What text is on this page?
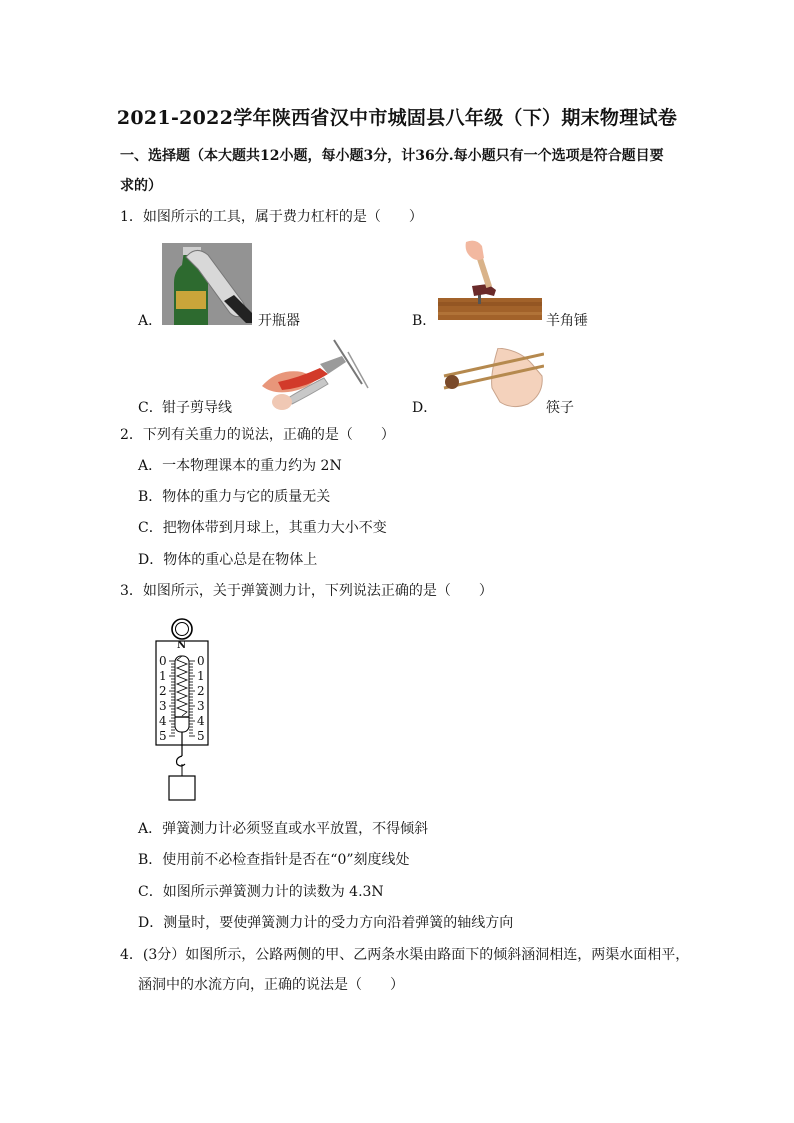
2021-2022学年陕西省汉中市城固县八年级（下）期末物理试卷
一、选择题（本大题共12小题，每小题3分，计36分.每小题只有一个选项是符合题目要
求的）
1．如图所示的工具，属于费力杠杆的是（　　）
A．	开瓶器	B．	羊角锤
C． 钳子剪导线	D．	筷子
2．下列有关重力的说法，正确的是（　　）
A．一本物理课本的重力约为 2N
B．物体的重力与它的质量无关
C．把物体带到月球上，其重力大小不变
D．物体的重心总是在物体上
3．如图所示，关于弹簧测力计，下列说法正确的是（　　）
N
0
1
2
3
4
5
0
1
2
3
4
5
A．弹簧测力计必须竖直或水平放置，不得倾斜
B．使用前不必检查指针是否在“0”刻度线处
C．如图所示弹簧测力计的读数为 4.3N
D．测量时，要使弹簧测力计的受力方向沿着弹簧的轴线方向
4．(3分）如图所示，公路两侧的甲、乙两条水渠由路面下的倾斜涵洞相连，两渠水面相平，
涵洞中的水流方向，正确的说法是（　　）
